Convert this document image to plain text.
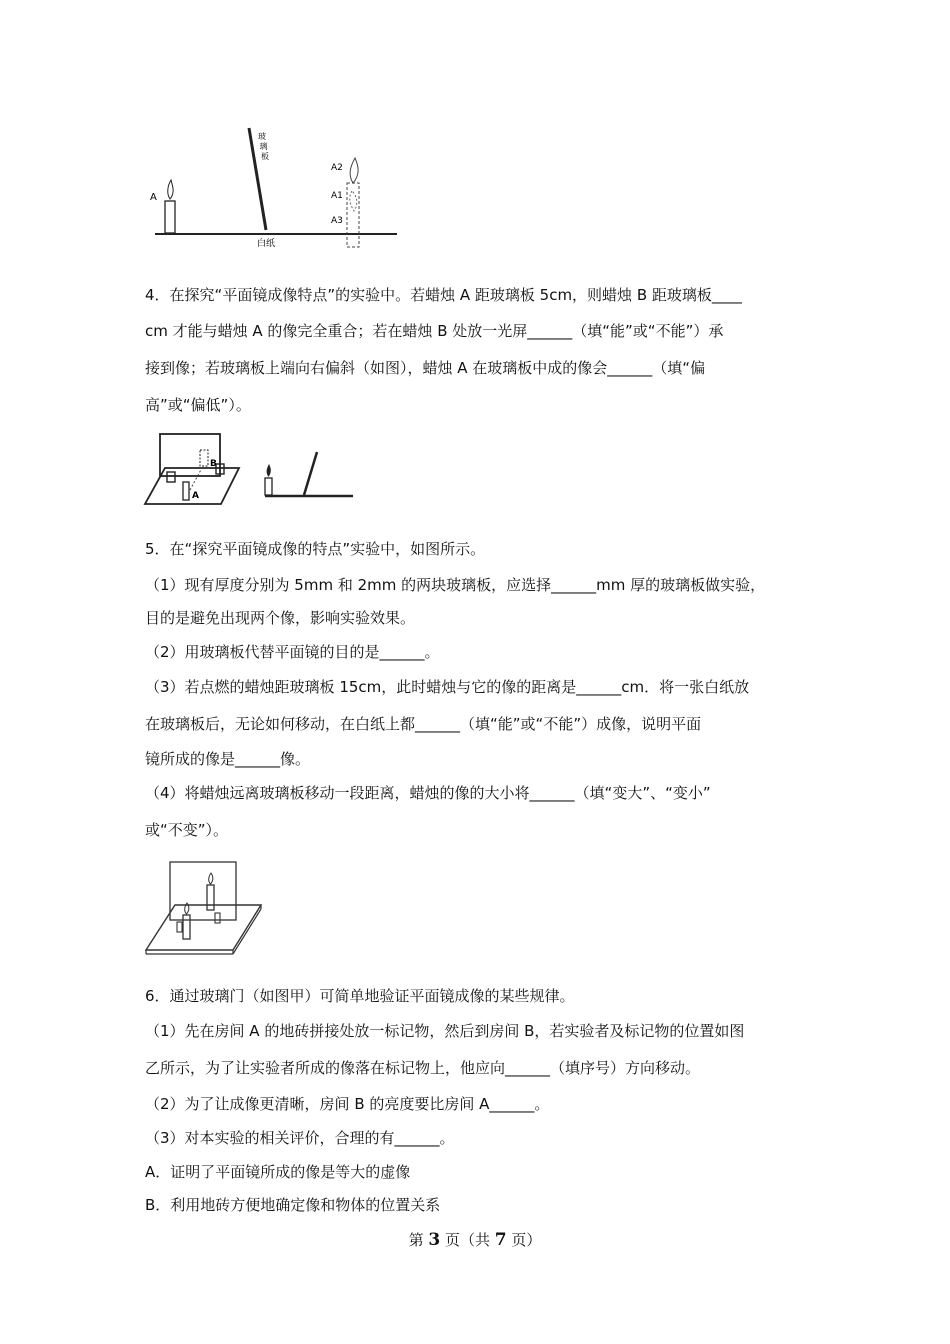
A
玻璃板
A2
A1
A3
白纸
4．在探究“平面镜成像特点”的实验中。若蜡烛 A 距玻璃板 5cm，则蜡烛 B 距玻璃板____
cm 才能与蜡烛 A 的像完全重合；若在蜡烛 B 处放一光屏______（填“能”或“不能”）承
接到像；若玻璃板上端向右偏斜（如图），蜡烛 A 在玻璃板中成的像会______（填“偏
高”或“偏低”）。
B
A
5．在“探究平面镜成像的特点”实验中，如图所示。
（1）现有厚度分别为 5mm 和 2mm 的两块玻璃板，应选择______mm 厚的玻璃板做实验，
目的是避免出现两个像，影响实验效果。
（2）用玻璃板代替平面镜的目的是______。
（3）若点燃的蜡烛距玻璃板 15cm，此时蜡烛与它的像的距离是______cm．将一张白纸放
在玻璃板后，无论如何移动，在白纸上都______（填“能”或“不能”）成像，说明平面
镜所成的像是______像。
（4）将蜡烛远离玻璃板移动一段距离，蜡烛的像的大小将______（填“变大”、“变小”
或“不变”）。
6．通过玻璃门（如图甲）可简单地验证平面镜成像的某些规律。
（1）先在房间 A 的地砖拼接处放一标记物，然后到房间 B，若实验者及标记物的位置如图
乙所示，为了让实验者所成的像落在标记物上，他应向______（填序号）方向移动。
（2）为了让成像更清晰，房间 B 的亮度要比房间 A______。
（3）对本实验的相关评价，合理的有______。
A．证明了平面镜所成的像是等大的虚像
B．利用地砖方便地确定像和物体的位置关系
第 3 页（共 7 页）
